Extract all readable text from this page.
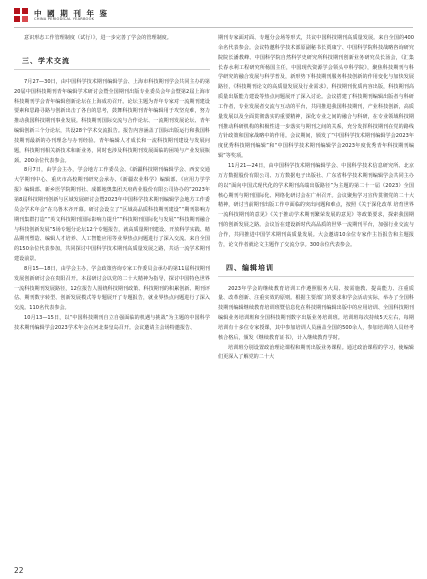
中 國 期 刊 年 鉴
CHINA PERIODICAL YEARBOOK

意识形态工作管理制度（试行）》，进一步完善了学会的管理制度。

三、学术交流

7月27—30日，由中国科学技术期刊编辑学会、上海市科技期刊学会共同主办的第20届中国科技期刊青年编辑学术研讨会暨全国期刊出版专业委员会年会暨第2届上海市科技期刊学会青年编辑创新论坛在上海成功召开。论坛主题为青年专家对一流期刊建设要素和思路寻路与创新出击了各自的思考，鼓舞科技期刊青年编辑用于攻坚克难，努力推动我国科技期刊事业发展。科技期刊国际交流与合作论坛、一流期刊发展论坛、青年编辑创新三个分论坛，共设28个学术交流报告。报告内容涵盖了国际出版运行和我国科技期刊最新的办刊理念与办刊经验。青年编辑人才成长和一流科技期刊建设与发展问题，科技期刊相关新技术和新业务，同时也涉及科技期刊发展面临的困境与产业发展瓶颈。200余位代表参会。

8月7日，由学会主办，学会地方工作委员会、《新疆科技期刊编辑学会、西安交通大学期刊中心、重庆市高校期刊研究会承办、《新疆农业科学》编辑部、《应用力学学报》编辑部、新乡医学院期刊社、成都地奥集团天府药业股份有限公司协办的“2023年第8届科技期刊创新与区域发展研讨会暨2023年中国科学技术期刊编辑学会地方工作委员会学术年会”在乌鲁木齐开幕。研讨会设立了“区域高品质科技期刊建设”“期刊影响力期刊集群打造”“英文科技期刊国际影响力提升”“科技期刊国际化与发展”“科技期刊融合与科技创新发展”5场专题分论坛12个专题报告，就高质量期刊建设、开放科学实践、精品期刊塑造、编辑人才培养、人工智能应用等业界热点问题进行了深入交流。来自全国的150余位代表参加，共同探讨中国科学技术期刊高质量发展之路，共话一流学术期刊建设前景。

8月15—18日，由学会主办，学会政策咨询专家工作委员会承办的第11届科技期刊发展创新研讨会在贵阳召开。本届研讨会以党的二十大精神为指导，探讨中国特色世界一流科技期刊发展路径，12位报告人围绕科技期刊政策、科技期刊的积累创新、期刊评估、期刊数字转型、创新发展模式等专题展开了专题报告，就业界热点问题进行了深入交流。110名代表参会。

10月13—15日，以“中国科技期刊自立自强面临的机遇与挑战”为主题的中国科学技术期刊编辑学会2023学术年会在河北秦皇岛召开。会议邀请主会场特邀报告、

期刊专家面对面、专题分会场等形式，共议中国科技期刊高质量发展。来自全国的400余名代表参会。会议特邀科学技术部原副秘书长贾康宁、中国科学院科技战略咨询研究院院长潘教峰、中国科学院自然科学史研究所科技期刊创新业务研究员长汤会，《汇集长春水利工程研究所杨国主任，中国现代资源学会领头中科学院》，聚焦科技期刊与科学研究的融合发展与科学普及，新形势下科技期刊服务科技创新的作用变化与加快发展路径，《科技期刊论文的高质量发展及行业需求》，科技期刊优质内容出版，科技期刊高质量出版能力建设等热点问题展开了深入讨论。会议搭建了科技期刊编辑出版者与科研工作者，专业发展者交流与互动的平台，共同推进我国科技期刊，产业科技创新，高质量发展以及全面贯彻落实的重要精神，深化专业之间的融合与科研，在专业领域科技期刊推动科研机构的积极性进一步落实与期刊之间的关系，充分发挥科技期刊在党的路线方针政策和国家战略中的作用。会议期间，颁发了“中国科学技术期刊编辑学会2023年度优秀科技期刊编辑”和“中国科学技术期刊编辑学会2023年度优秀青年科技期刊编辑”等奖项。

11月21—24日，由中国科学技术期刊编辑学会、中国科学技术信息研究所、北京万方数据股份有限公司、万方数据电子出版社、广东省科学技术期刊编辑学会共同主办的以“面向中国式现代化的学术期刊高端出版路径”为主题的第二十一届（2023）全国核心期刊与期刊国际化、网络化研讨会在广州召开。会议聚焦学习宣传贯彻党的二十大精神，研讨当前期刊出版工作中面临的突出问题和难点，按照《关于深化改革 培育世界一流科技期刊的意见》《关于推动学术期刊繁荣发展的意见》等政策要求，探索我国期刊的创新发展之路。会议旨在建设新时代高品质的世界一流期刊平台，加强行业交流与合作，共同推进中国学术期刊高质量发展。大会邀请10余位专家作主旨报告和主题报告，论文作者就论文主题作了交流分享。300余位代表参会。

四、编辑培训

2023年学会的继续教育培训工作遵照服务大局、按需施教、提高能力、注重质量、改革创新、注重实效的原则。根据主要部门的要求和学会活动实际，举办了全国科技期刊编辑继续教育培训班暨信息化在科技期刊编辑出版中的应用培训、全国科技期刊编辑业务培训班和全国科技期刊数字出版业务培训班。培训班每次持续5天左右，每期培训有十多位专家授课，其中参加培训人员涵盖全国的500余人，参加培训的人员经考核合格后，颁发《继续教育证书》，计入继续教育学时。

培训班分别设置政治理论课程和期刊出版业务课程。通过政治课程的学习，使编辑们更深入了解党的二十大

22
